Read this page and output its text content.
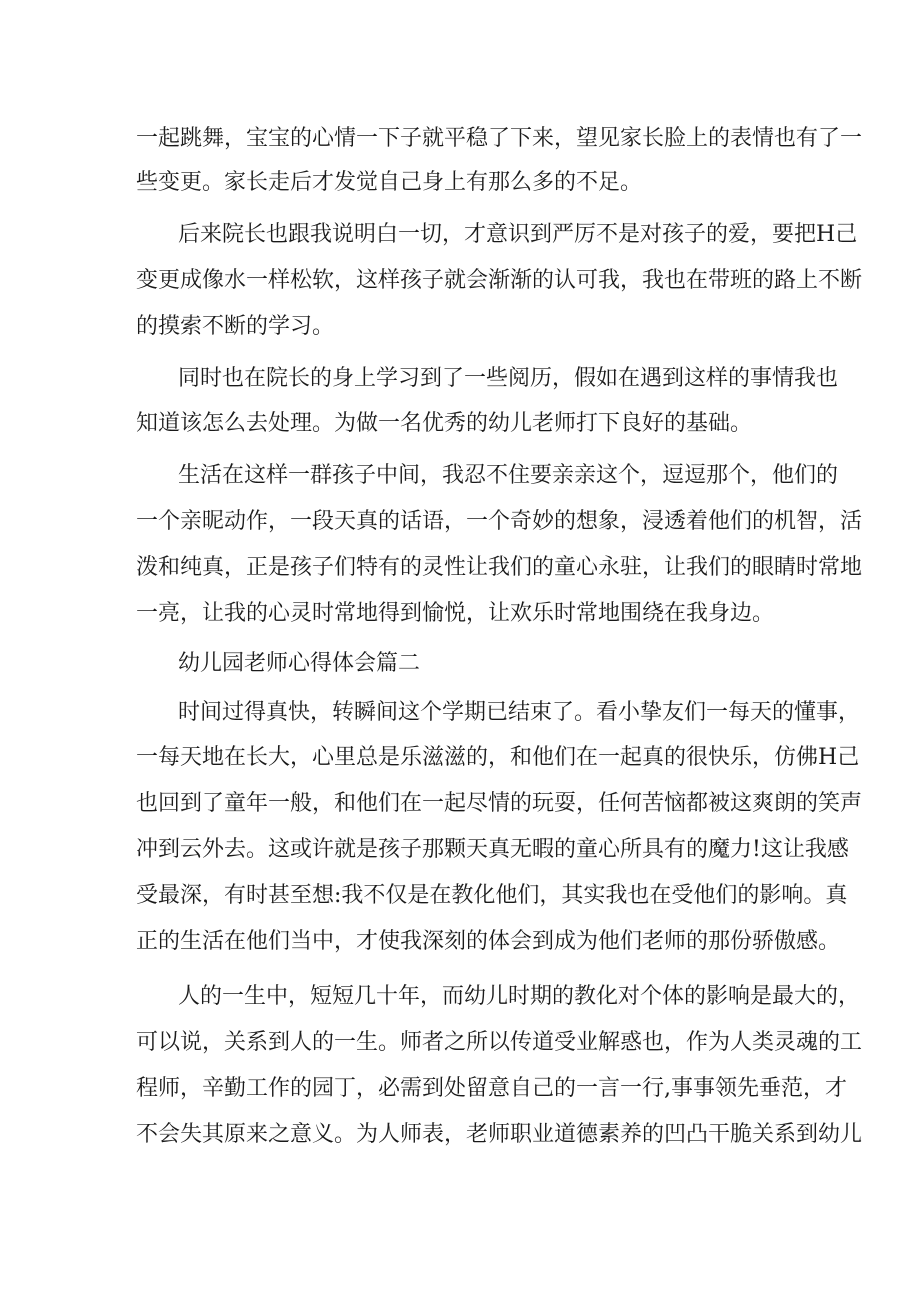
一起跳舞，宝宝的心情一下子就平稳了下来，望见家长脸上的表情也有了一
些变更。家长走后才发觉自己身上有那么多的不足。
后来院长也跟我说明白一切，才意识到严厉不是对孩子的爱，要把H己
变更成像水一样松软，这样孩子就会渐渐的认可我，我也在带班的路上不断
的摸索不断的学习。
同时也在院长的身上学习到了一些阅历，假如在遇到这样的事情我也
知道该怎么去处理。为做一名优秀的幼儿老师打下良好的基础。
生活在这样一群孩子中间，我忍不住要亲亲这个，逗逗那个，他们的
一个亲昵动作，一段天真的话语，一个奇妙的想象，浸透着他们的机智，活
泼和纯真，正是孩子们特有的灵性让我们的童心永驻，让我们的眼睛时常地
一亮，让我的心灵时常地得到愉悦，让欢乐时常地围绕在我身边。
幼儿园老师心得体会篇二
时间过得真快，转瞬间这个学期已结束了。看小挚友们一每天的懂事，
一每天地在长大，心里总是乐滋滋的，和他们在一起真的很快乐，仿佛H己
也回到了童年一般，和他们在一起尽情的玩耍，任何苦恼都被这爽朗的笑声
冲到云外去。这或许就是孩子那颗天真无暇的童心所具有的魔力!这让我感
受最深，有时甚至想:我不仅是在教化他们，其实我也在受他们的影响。真
正的生活在他们当中，才使我深刻的体会到成为他们老师的那份骄傲感。
人的一生中，短短几十年，而幼儿时期的教化对个体的影响是最大的，
可以说，关系到人的一生。师者之所以传道受业解惑也，作为人类灵魂的工
程师，辛勤工作的园丁，必需到处留意自己的一言一行,事事领先垂范，才
不会失其原来之意义。为人师表，老师职业道德素养的凹凸干脆关系到幼儿
